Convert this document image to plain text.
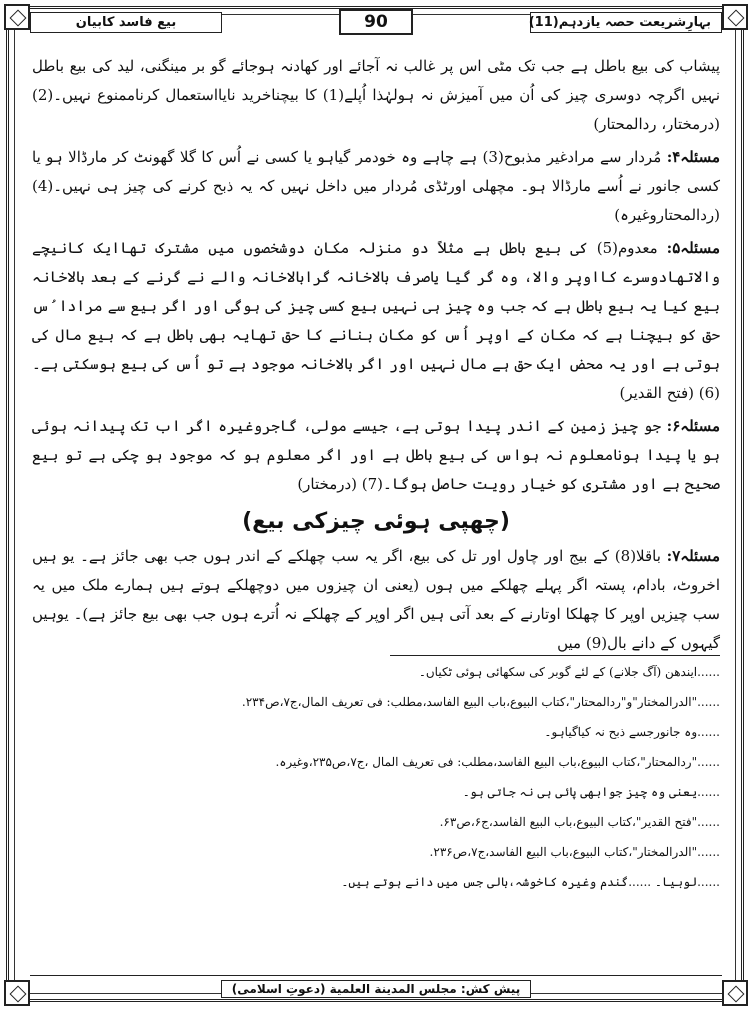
بہارِشریعت حصہ یازدہم(11)
90
بیع فاسد کابیان

پیشاب کی بیع باطل ہے جب تک مٹی اس پر غالب نہ آجائے اور کھادنہ ہوجائے گو بر مینگنی، لید کی بیع باطل نہیں اگرچہ دوسری چیز کی اُن میں آمیزش نہ ہولہٰذا اُپلے(1) کا بیچناخرید نایااستعمال کرناممنوع نہیں۔(2) (درمختار، ردالمحتار)

مسئلہ۴: مُردار سے مرادغیر مذبوح(3) ہے چاہے وہ خودمر گیاہو یا کسی نے اُس کا گلا گھونٹ کر مارڈالا ہو یا کسی جانور نے اُسے مارڈالا ہو۔ مچھلی اورٹڈی مُردار میں داخل نہیں کہ یہ ذبح کرنے کی چیز ہی نہیں۔(4) (ردالمحتاروغیرہ)

مسئلہ۵: معدوم(5) کی بیع باطل ہے مثلاً دو منزلہ مکان دوشخصوں میں مشترک تھاایک کانیچے والاتھادوسرے کااوپر والا، وہ گر گیا یاصرف بالاخانہ گرابالاخانہ والے نے گرنے کے بعد بالاخانہ بیع کیا یہ بیع باطل ہے کہ جب وہ چیز ہی نہیں بیع کسی چیز کی ہوگی اور اگر بیع سے مرادا ُس حق کو بیچنا ہے کہ مکان کے اوپر اُس کو مکان بنانے کا حق تھایہ بھی باطل ہے کہ بیع مال کی ہوتی ہے اور یہ محض ایک حق ہے مال نہیں اور اگر بالاخانہ موجود ہے تو اُس کی بیع ہوسکتی ہے۔(6) (فتح القدیر)

مسئلہ۶: جو چیز زمین کے اندر پیدا ہوتی ہے، جیسے مولی، گاجروغیرہ اگر اب تک پیدانہ ہوئی ہو یا پیدا ہونامعلوم نہ ہواس کی بیع باطل ہے اور اگر معلوم ہو کہ موجود ہو چکی ہے تو بیع صحیح ہے اور مشتری کو خیار رویت حاصل ہوگا۔(7) (درمختار)

(چھپی ہوئی چیزکی بیع)

مسئلہ۷: باقلا(8) کے بیج اور چاول اور تل کی بیع، اگر یہ سب چھلکے کے اندر ہوں جب بھی جائز ہے۔ یو ہیں اخروٹ، بادام، پستہ اگر پہلے چھلکے میں ہوں (یعنی ان چیزوں میں دوچھلکے ہوتے ہیں ہمارے ملک میں یہ سب چیزیں اوپر کا چھلکا اوتارنے کے بعد آتی ہیں اگر اوپر کے چھلکے نہ اُترے ہوں جب بھی بیع جائز ہے)۔ یوہیں گیہوں کے دانے بال(9) میں

......ایندھن (آگ جلانے) کے لئے گوبر کی سکھائی ہوئی ٹکیاں۔

......"الدرالمختار"و"ردالمحتار"،کتاب البیوع،باب البیع الفاسد،مطلب: فی تعریف المال،ج۷،ص۲۳۴.

......وہ جانورجسے ذبح نہ کیاگیاہو۔

......"ردالمحتار"،کتاب البیوع،باب البیع الفاسد،مطلب: فی تعریف المال ،ج۷،ص۲۳۵،وغیرہ.

......یعنی وہ چیز جوابھی پائی ہی نہ جاتی ہو۔

......"فتح القدیر"،کتاب البیوع،باب البیع الفاسد،ج۶،ص۶۳.

......"الدرالمختار"،کتاب البیوع،باب البیع الفاسد،ج۷،ص۲۳۶.

......لوبیا۔ ......گندم وغیرہ کاخوشہ،بالی جس میں دانے ہوتے ہیں۔

پیش کش: مجلس المدینة العلمیة (دعوتِ اسلامی)
